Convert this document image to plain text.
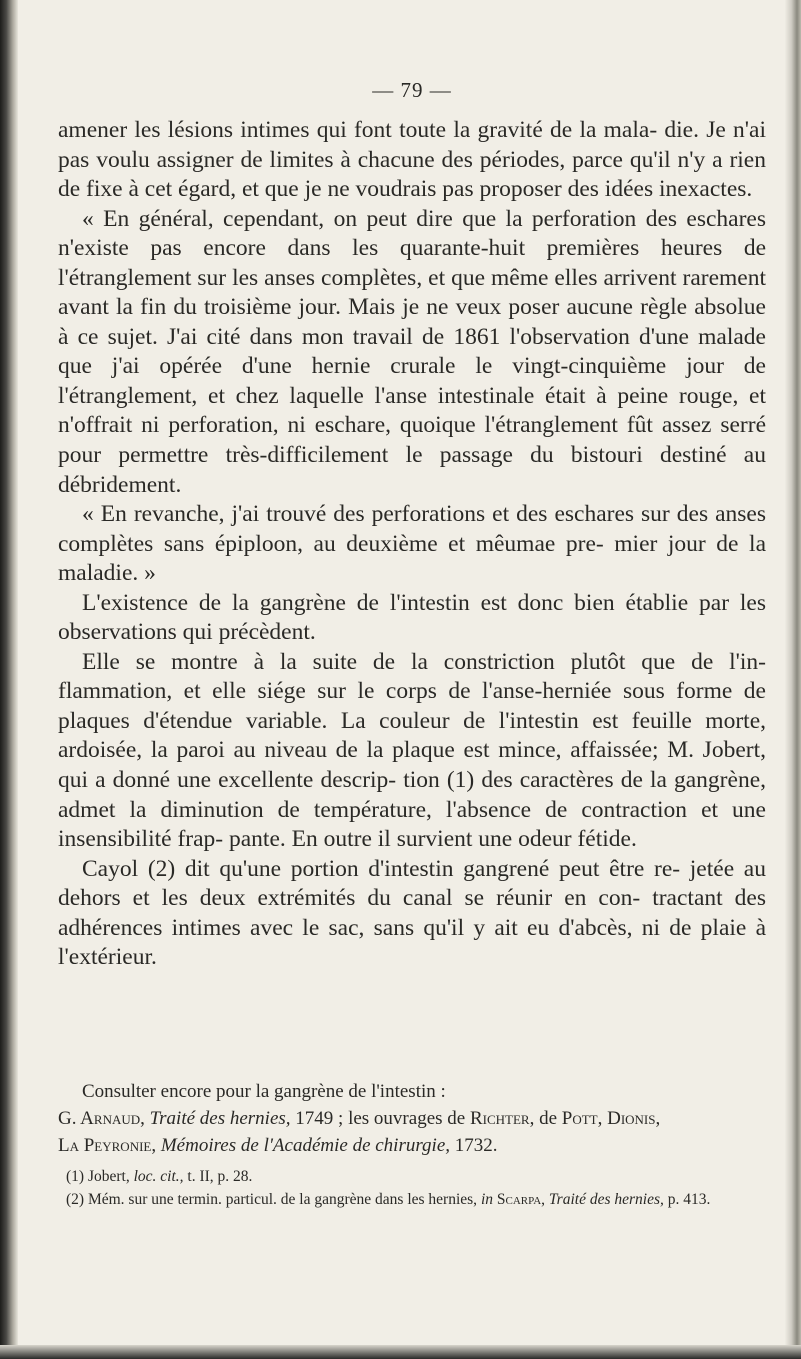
— 79 —

amener les lésions intimes qui font toute la gravité de la mala- die. Je n'ai pas voulu assigner de limites à chacune des périodes, parce qu'il n'y a rien de fixe à cet égard, et que je ne voudrais pas proposer des idées inexactes.

« En général, cependant, on peut dire que la perforation des eschares n'existe pas encore dans les quarante-huit premières heures de l'étranglement sur les anses complètes, et que même elles arrivent rarement avant la fin du troisième jour. Mais je ne veux poser aucune règle absolue à ce sujet. J'ai cité dans mon travail de 1861 l'observation d'une malade que j'ai opérée d'une hernie crurale le vingt-cinquième jour de l'étranglement, et chez laquelle l'anse intestinale était à peine rouge, et n'offrait ni perforation, ni eschare, quoique l'étranglement fût assez serré pour permettre très-difficilement le passage du bistouri destiné au débridement.

« En revanche, j'ai trouvé des perforations et des eschares sur des anses complètes sans épiploon, au deuxième et mêumae pre- mier jour de la maladie. »

L'existence de la gangrène de l'intestin est donc bien établie par les observations qui précèdent.

Elle se montre à la suite de la constriction plutôt que de l'in- flammation, et elle siége sur le corps de l'anse-herniée sous forme de plaques d'étendue variable. La couleur de l'intestin est feuille morte, ardoisée, la paroi au niveau de la plaque est mince, affaissée; M. Jobert, qui a donné une excellente descrip- tion (1) des caractères de la gangrène, admet la diminution de température, l'absence de contraction et une insensibilité frap- pante. En outre il survient une odeur fétide.

Cayol (2) dit qu'une portion d'intestin gangrené peut être re- jetée au dehors et les deux extrémités du canal se réunir en con- tractant des adhérences intimes avec le sac, sans qu'il y ait eu d'abcès, ni de plaie à l'extérieur.

Consulter encore pour la gangrène de l'intestin :

G. Arnaud, Traité des hernies, 1749 ; les ouvrages de Richter, de Pott, Dionis,

La Peyronie, Mémoires de l'Académie de chirurgie, 1732.

(1) Jobert, loc. cit., t. II, p. 28.

(2) Mém. sur une termin. particul. de la gangrène dans les hernies, in Scarpa, Traité des hernies, p. 413.
